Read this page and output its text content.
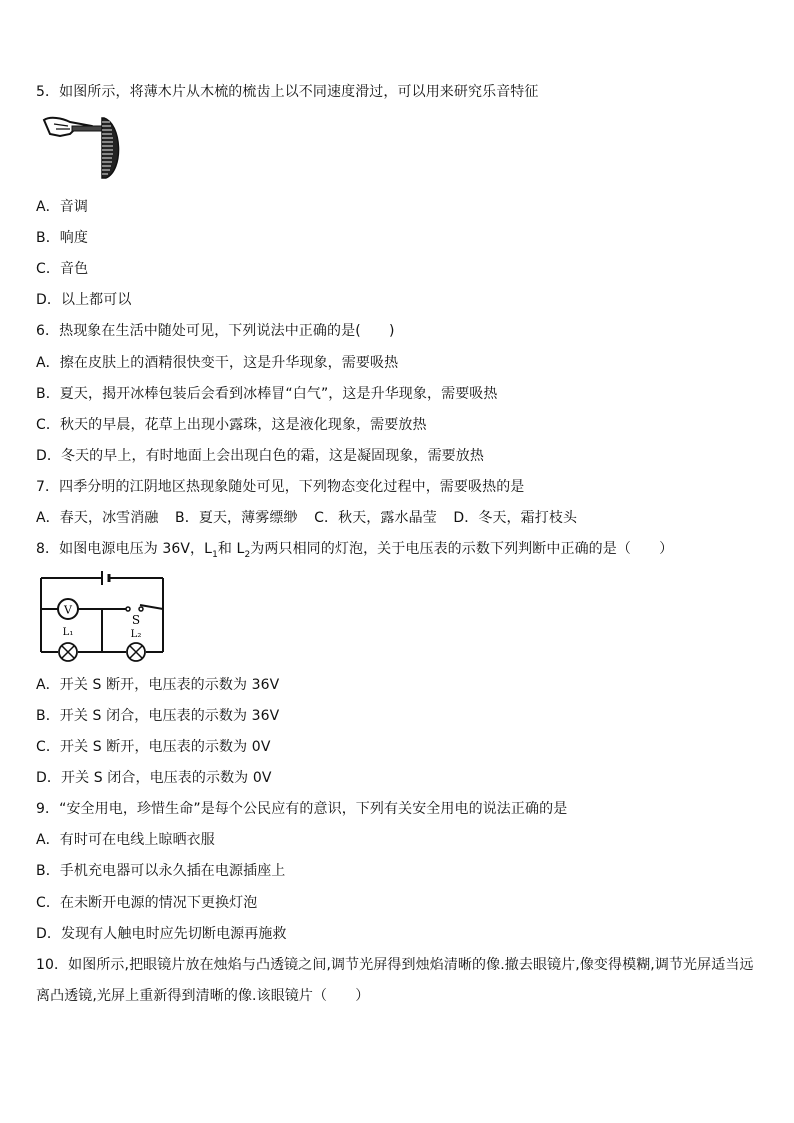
5．如图所示，将薄木片从木梳的梳齿上以不同速度滑过，可以用来研究乐音特征
A．音调
B．响度
C．音色
D．以上都可以
6．热现象在生活中随处可见，下列说法中正确的是(　　)
A．擦在皮肤上的酒精很快变干，这是升华现象，需要吸热
B．夏天，揭开冰棒包装后会看到冰棒冒“白气”，这是升华现象，需要吸热
C．秋天的早晨，花草上出现小露珠，这是液化现象，需要放热
D．冬天的早上，有时地面上会出现白色的霜，这是凝固现象，需要放热
7．四季分明的江阴地区热现象随处可见，下列物态变化过程中，需要吸热的是
A．春天，冰雪消融 B．夏天，薄雾缥缈 C．秋天，露水晶莹 D．冬天，霜打枝头
8．如图电源电压为 36V，$L_1$和 $L_2$为两只相同的灯泡，关于电压表的示数下列判断中正确的是（　　）
V
S
L₁	L₂
A．开关 S 断开，电压表的示数为 36V
B．开关 S 闭合，电压表的示数为 36V
C．开关 S 断开，电压表的示数为 0V
D．开关 S 闭合，电压表的示数为 0V
9．“安全用电，珍惜生命”是每个公民应有的意识，下列有关安全用电的说法正确的是
A．有时可在电线上晾晒衣服
B．手机充电器可以永久插在电源插座上
C．在未断开电源的情况下更换灯泡
D．发现有人触电时应先切断电源再施救
10．如图所示,把眼镜片放在烛焰与凸透镜之间,调节光屏得到烛焰清晰的像.撤去眼镜片,像变得模糊,调节光屏适当远离凸透镜,光屏上重新得到清晰的像.该眼镜片（　　）
